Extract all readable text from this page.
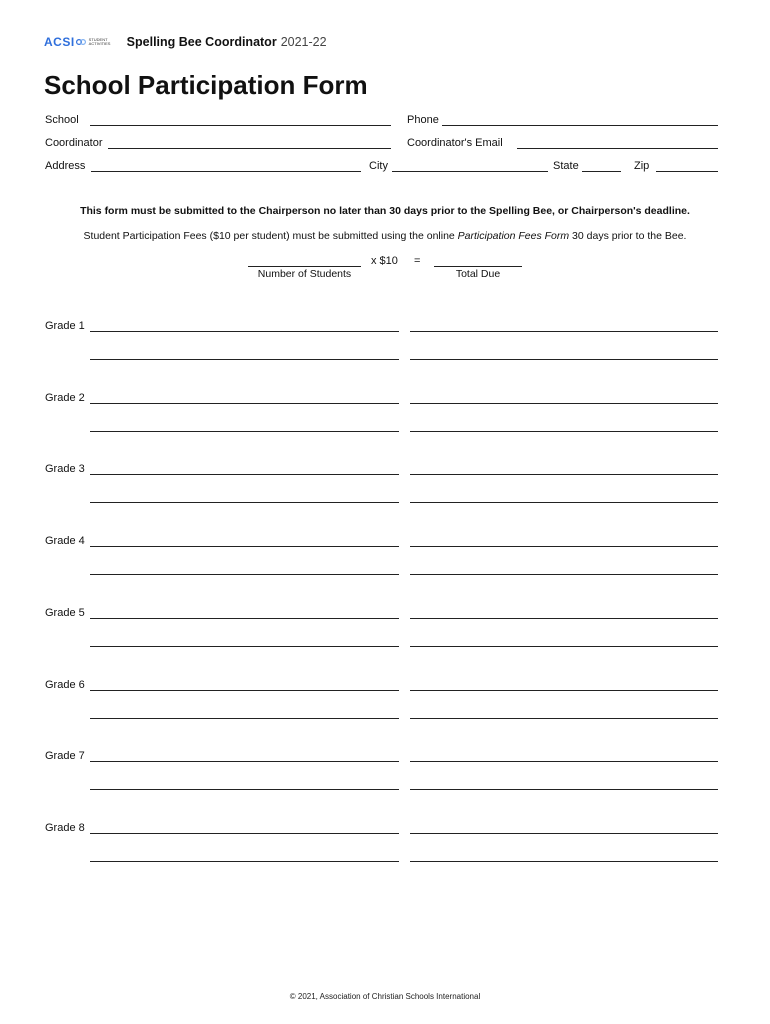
ACSI	STUDENT ACTIVITIES	Spelling Bee Coordinator 2021-22
School Participation Form
School	Phone
Coordinator	Coordinator's Email
Address	City	State	Zip
This form must be submitted to the Chairperson no later than 30 days prior to the Spelling Bee, or Chairperson's deadline.
Student Participation Fees ($10 per student) must be submitted using the online Participation Fees Form 30 days prior to the Bee.
x $10 =
Number of Students	Total Due
Grade 1
Grade 2
Grade 3
Grade 4
Grade 5
Grade 6
Grade 7
Grade 8
© 2021, Association of Christian Schools International
